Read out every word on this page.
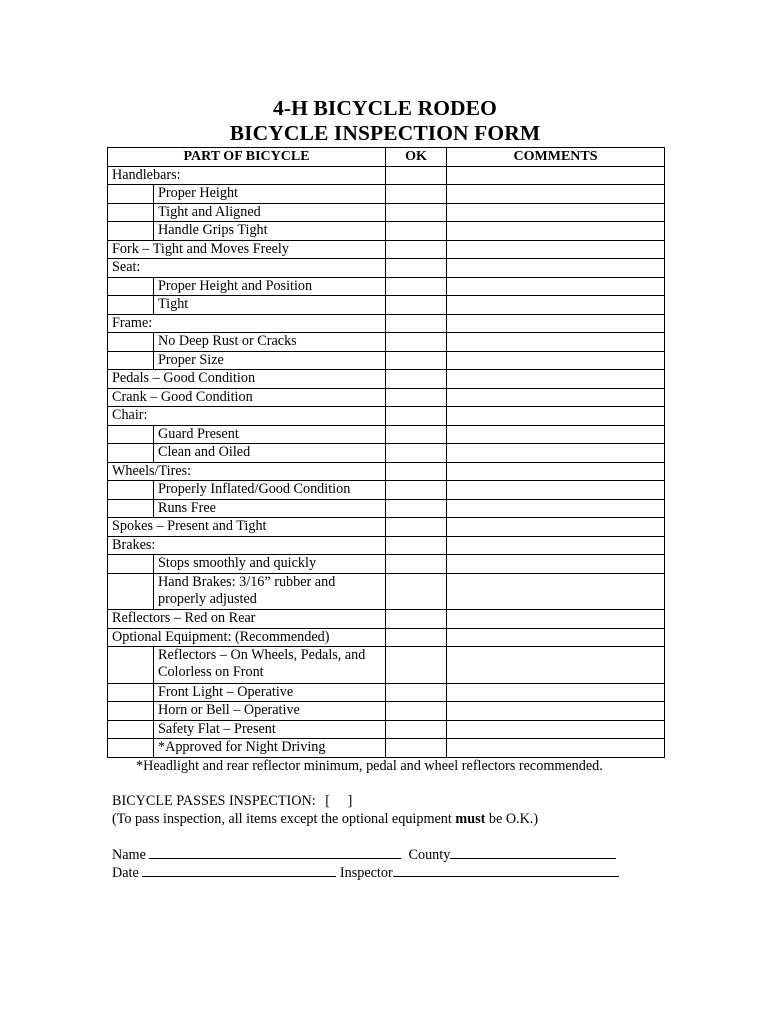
4-H BICYCLE RODEO
BICYCLE INSPECTION FORM
PART OF BICYCLE		OK	COMMENTS
Handlebars:			
	Proper Height		
	Tight and Aligned		
	Handle Grips Tight		
Fork – Tight and Moves Freely			
Seat:			
	Proper Height and Position		
	Tight		
Frame:			
	No Deep Rust or Cracks		
	Proper Size		
Pedals – Good Condition			
Crank – Good Condition			
Chair:			
	Guard Present		
	Clean and Oiled		
Wheels/Tires:			
	Properly Inflated/Good Condition		
	Runs Free		
Spokes – Present and Tight			
Brakes:			
	Stops smoothly and quickly		
	Hand Brakes: 3/16” rubber and properly adjusted		
Reflectors – Red on Rear			
Optional Equipment: (Recommended)			
	Reflectors – On Wheels, Pedals, and Colorless on Front		
	Front Light – Operative		
	Horn or Bell – Operative		
	Safety Flat – Present		
	*Approved for Night Driving		
*Headlight and rear reflector minimum, pedal and wheel reflectors recommended.
BICYCLE PASSES INSPECTION: [     ]
(To pass inspection, all items except the optional equipment must be O.K.)
Name	County
Date	Inspector
